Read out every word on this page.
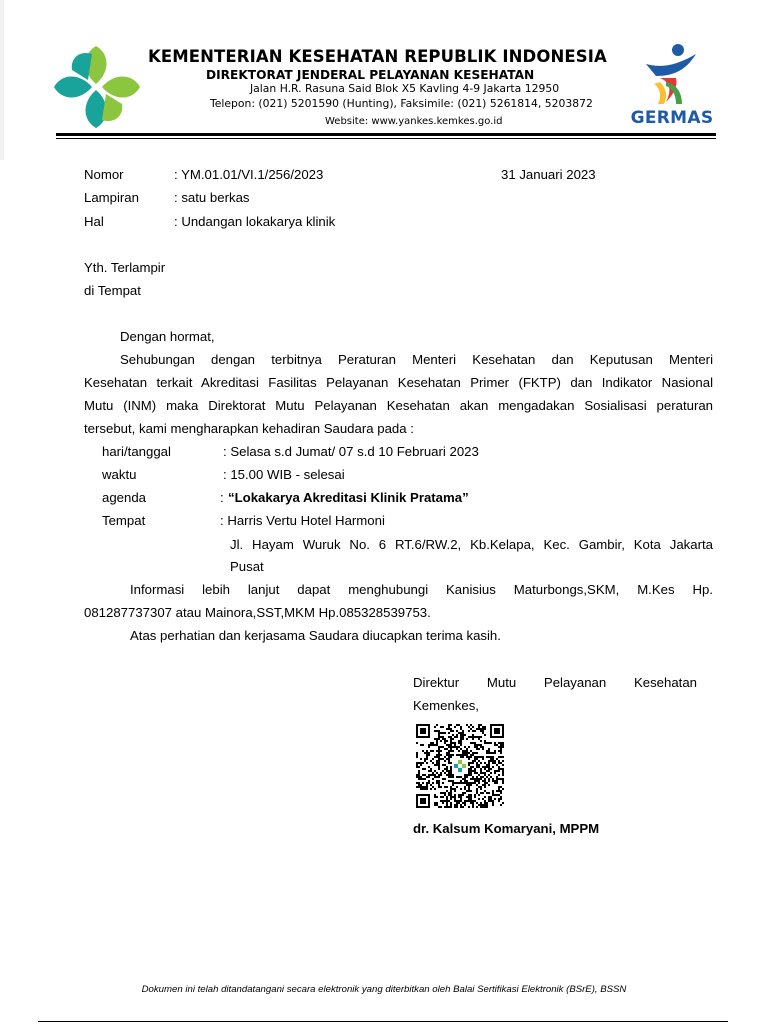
KEMENTERIAN KESEHATAN REPUBLIK INDONESIA
DIREKTORAT JENDERAL PELAYANAN KESEHATAN
Jalan H.R. Rasuna Said Blok X5 Kavling 4-9 Jakarta 12950
Telepon: (021) 5201590 (Hunting), Faksimile: (021) 5261814, 5203872
Website: www.yankes.kemkes.go.id	GERMAS
Nomor	: YM.01.01/VI.1/256/2023	31 Januari 2023
Lampiran	: satu berkas
Hal	: Undangan lokakarya klinik
Yth. Terlampir
di Tempat
Dengan hormat,
Sehubungan dengan terbitnya Peraturan Menteri Kesehatan dan Keputusan Menteri
Kesehatan terkait Akreditasi Fasilitas Pelayanan Kesehatan Primer (FKTP) dan Indikator Nasional
Mutu (INM) maka Direktorat Mutu Pelayanan Kesehatan akan mengadakan Sosialisasi peraturan
tersebut, kami mengharapkan kehadiran Saudara pada :
hari/tanggal	: Selasa s.d Jumat/ 07 s.d 10 Februari 2023
waktu	: 15.00 WIB - selesai
agenda	: “Lokakarya Akreditasi Klinik Pratama”
Tempat	: Harris Vertu Hotel Harmoni
Jl. Hayam Wuruk No. 6 RT.6/RW.2, Kb.Kelapa, Kec. Gambir, Kota Jakarta
Pusat
Informasi lebih lanjut dapat menghubungi Kanisius Maturbongs,SKM, M.Kes Hp.
081287737307 atau Mainora,SST,MKM Hp.085328539753.
Atas perhatian dan kerjasama Saudara diucapkan terima kasih.
Direktur Mutu Pelayanan Kesehatan
Kemenkes,
dr. Kalsum Komaryani, MPPM
Dokumen ini telah ditandatangani secara elektronik yang diterbitkan oleh Balai Sertifikasi Elektronik (BSrE), BSSN
